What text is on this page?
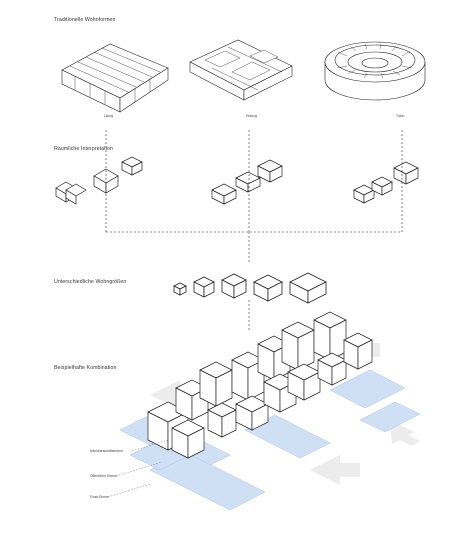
Traditionelle Wohnformen
Räumliche Interpretation
Unterschiedliche Wohngrößen
Beispielhafte Kombination
Lilong	Hutong	Tulou
Nachbarschaftsebene
Öffentliche Ebene
Fluss Ebene
